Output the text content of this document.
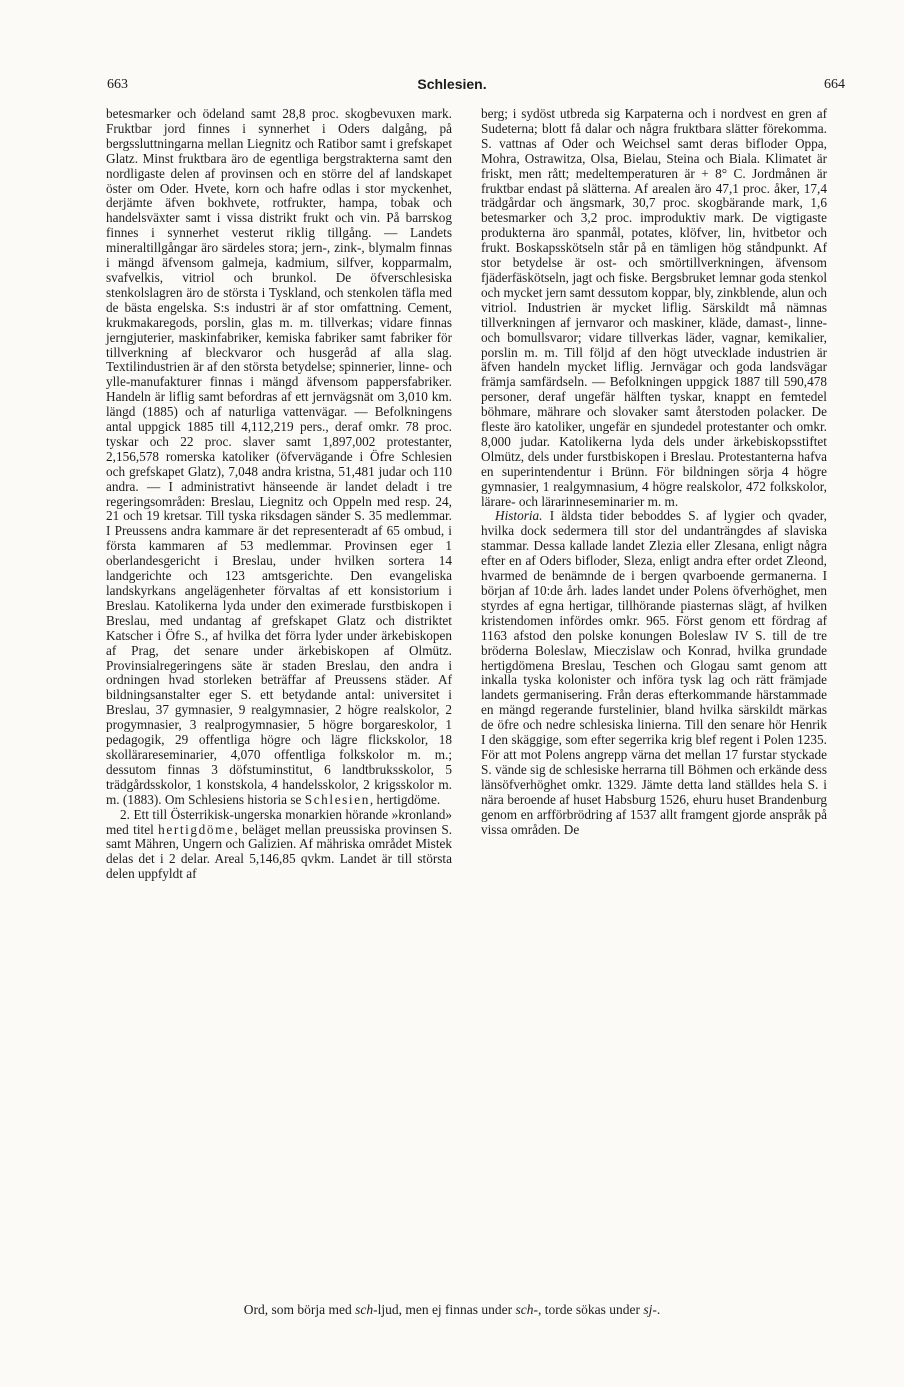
663	Schlesien.	664

betesmarker och ödeland samt 28,8 proc. skogbevuxen mark. Fruktbar jord finnes i synnerhet i Oders dalgång, på bergssluttningarna mellan Liegnitz och Ratibor samt i grefskapet Glatz. Minst fruktbara äro de egentliga bergstrakterna samt den nordligaste delen af provinsen och en större del af landskapet öster om Oder. Hvete, korn och hafre odlas i stor myckenhet, derjämte äfven bokhvete, rotfrukter, hampa, tobak och handelsväxter samt i vissa distrikt frukt och vin. På barrskog finnes i synnerhet vesterut riklig tillgång. — Landets mineraltillgångar äro särdeles stora; jern-, zink-, blymalm finnas i mängd äfvensom galmeja, kadmium, silfver, kopparmalm, svafvelkis, vitriol och brunkol. De öfverschlesiska stenkolslagren äro de största i Tyskland, och stenkolen täfla med de bästa engelska. S:s industri är af stor omfattning. Cement, krukmakaregods, porslin, glas m. m. tillverkas; vidare finnas jerngjuterier, maskinfabriker, kemiska fabriker samt fabriker för tillverkning af bleckvaror och husgeråd af alla slag. Textilindustrien är af den största betydelse; spinnerier, linne- och ylle-manufakturer finnas i mängd äfvensom pappersfabriker. Handeln är liflig samt befordras af ett jernvägsnät om 3,010 km. längd (1885) och af naturliga vattenvägar. — Befolkningens antal uppgick 1885 till 4,112,219 pers., deraf omkr. 78 proc. tyskar och 22 proc. slaver samt 1,897,002 protestanter, 2,156,578 romerska katoliker (öfvervägande i Öfre Schlesien och grefskapet Glatz), 7,048 andra kristna, 51,481 judar och 110 andra. — I administrativt hänseende är landet deladt i tre regeringsområden: Breslau, Liegnitz och Oppeln med resp. 24, 21 och 19 kretsar. Till tyska riksdagen sänder S. 35 medlemmar. I Preussens andra kammare är det representeradt af 65 ombud, i första kammaren af 53 medlemmar. Provinsen eger 1 oberlandesgericht i Breslau, under hvilken sortera 14 landgerichte och 123 amtsgerichte. Den evangeliska landskyrkans angelägenheter förvaltas af ett konsistorium i Breslau. Katolikerna lyda under den eximerade furstbiskopen i Breslau, med undantag af grefskapet Glatz och distriktet Katscher i Öfre S., af hvilka det förra lyder under ärkebiskopen af Prag, det senare under ärkebiskopen af Olmütz. Provinsialregeringens säte är staden Breslau, den andra i ordningen hvad storleken beträffar af Preussens städer. Af bildningsanstalter eger S. ett betydande antal: universitet i Breslau, 37 gymnasier, 9 realgymnasier, 2 högre realskolor, 2 progymnasier, 3 realprogymnasier, 5 högre borgareskolor, 1 pedagogik, 29 offentliga högre och lägre flickskolor, 18 skollärareseminarier, 4,070 offentliga folkskolor m. m.; dessutom finnas 3 döfstuminstitut, 6 landtbruksskolor, 5 trädgårdsskolor, 1 konstskola, 4 handelsskolor, 2 krigsskolor m. m. (1883). Om Schlesiens historia se Schlesien, hertigdöme.

2. Ett till Österrikisk-ungerska monarkien hörande »kronland» med titel hertigdöme, beläget mellan preussiska provinsen S. samt Mähren, Ungern och Galizien. Af mähriska området Mistek delas det i 2 delar. Areal 5,146,85 qvkm. Landet är till största delen uppfyldt af

berg; i sydöst utbreda sig Karpaterna och i nordvest en gren af Sudeterna; blott få dalar och några fruktbara slätter förekomma. S. vattnas af Oder och Weichsel samt deras bifloder Oppa, Mohra, Ostrawitza, Olsa, Bielau, Steina och Biala. Klimatet är friskt, men rått; medeltemperaturen är + 8° C. Jordmånen är fruktbar endast på slätterna. Af arealen äro 47,1 proc. åker, 17,4 trädgårdar och ängsmark, 30,7 proc. skogbärande mark, 1,6 betesmarker och 3,2 proc. improduktiv mark. De vigtigaste produkterna äro spanmål, potates, klöfver, lin, hvitbetor och frukt. Boskapsskötseln står på en tämligen hög ståndpunkt. Af stor betydelse är ost- och smörtillverkningen, äfvensom fjäderfäskötseln, jagt och fiske. Bergsbruket lemnar goda stenkol och mycket jern samt dessutom koppar, bly, zinkblende, alun och vitriol. Industrien är mycket liflig. Särskildt må nämnas tillverkningen af jernvaror och maskiner, kläde, damast-, linne- och bomullsvaror; vidare tillverkas läder, vagnar, kemikalier, porslin m. m. Till följd af den högt utvecklade industrien är äfven handeln mycket liflig. Jernvägar och goda landsvägar främja samfärdseln. — Befolkningen uppgick 1887 till 590,478 personer, deraf ungefär hälften tyskar, knappt en femtedel böhmare, mährare och slovaker samt återstoden polacker. De fleste äro katoliker, ungefär en sjundedel protestanter och omkr. 8,000 judar. Katolikerna lyda dels under ärkebiskopsstiftet Olmütz, dels under furstbiskopen i Breslau. Protestanterna hafva en superintendentur i Brünn. För bildningen sörja 4 högre gymnasier, 1 realgymnasium, 4 högre realskolor, 472 folkskolor, lärare- och lärarinneseminarier m. m.

Historia. I äldsta tider beboddes S. af lygier och qvader, hvilka dock sedermera till stor del undanträngdes af slaviska stammar. Dessa kallade landet Zlezia eller Zlesana, enligt några efter en af Oders bifloder, Sleza, enligt andra efter ordet Zleond, hvarmed de benämnde de i bergen qvarboende germanerna. I början af 10:de årh. lades landet under Polens öfverhöghet, men styrdes af egna hertigar, tillhörande piasternas slägt, af hvilken kristendomen infördes omkr. 965. Först genom ett fördrag af 1163 afstod den polske konungen Boleslaw IV S. till de tre bröderna Boleslaw, Mieczislaw och Konrad, hvilka grundade hertigdömena Breslau, Teschen och Glogau samt genom att inkalla tyska kolonister och införa tysk lag och rätt främjade landets germanisering. Från deras efterkommande härstammade en mängd regerande furstelinier, bland hvilka särskildt märkas de öfre och nedre schlesiska linierna. Till den senare hör Henrik I den skäggige, som efter segerrika krig blef regent i Polen 1235. För att mot Polens angrepp värna det mellan 17 furstar styckade S. vände sig de schlesiske herrarna till Böhmen och erkände dess länsöfverhöghet omkr. 1329. Jämte detta land ställdes hela S. i nära beroende af huset Habsburg 1526, ehuru huset Brandenburg genom en arfförbrödring af 1537 allt framgent gjorde anspråk på vissa områden. De

Ord, som börja med sch-ljud, men ej finnas under sch-, torde sökas under sj-.
